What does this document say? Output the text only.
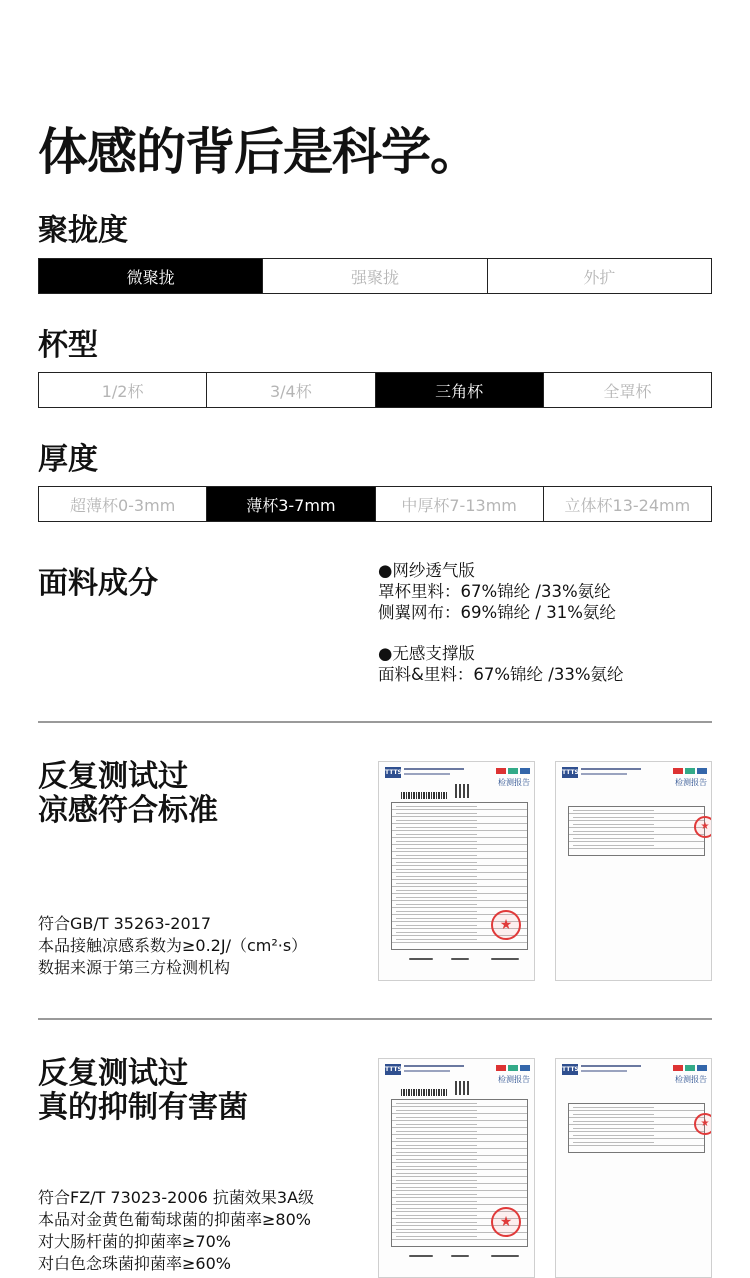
体感的背后是科学。
聚拢度
微聚拢	强聚拢	外扩
杯型
1/2杯	3/4杯	三角杯	全罩杯
厚度
超薄杯0-3mm	薄杯3-7mm	中厚杯7-13mm	立体杯13-24mm
面料成分	●网纱透气版
罩杯里料：67%锦纶 /33%氨纶
侧翼网布：69%锦纶 / 31%氨纶
●无感支撑版
面料&里料：67%锦纶 /33%氨纶
反复测试过
凉感符合标准
符合GB/T 35263-2017
本品接触凉感系数为≥0.2J/（cm²·s）
数据来源于第三方检测机构
TTTS
检测报告
★
TTTS
检测报告
★
反复测试过
真的抑制有害菌
符合FZ/T 73023-2006 抗菌效果3A级
本品对金黄色葡萄球菌的抑菌率≥80%
对大肠杆菌的抑菌率≥70%
对白色念珠菌抑菌率≥60%
TTTS
检测报告
★
TTTS
检测报告
★
